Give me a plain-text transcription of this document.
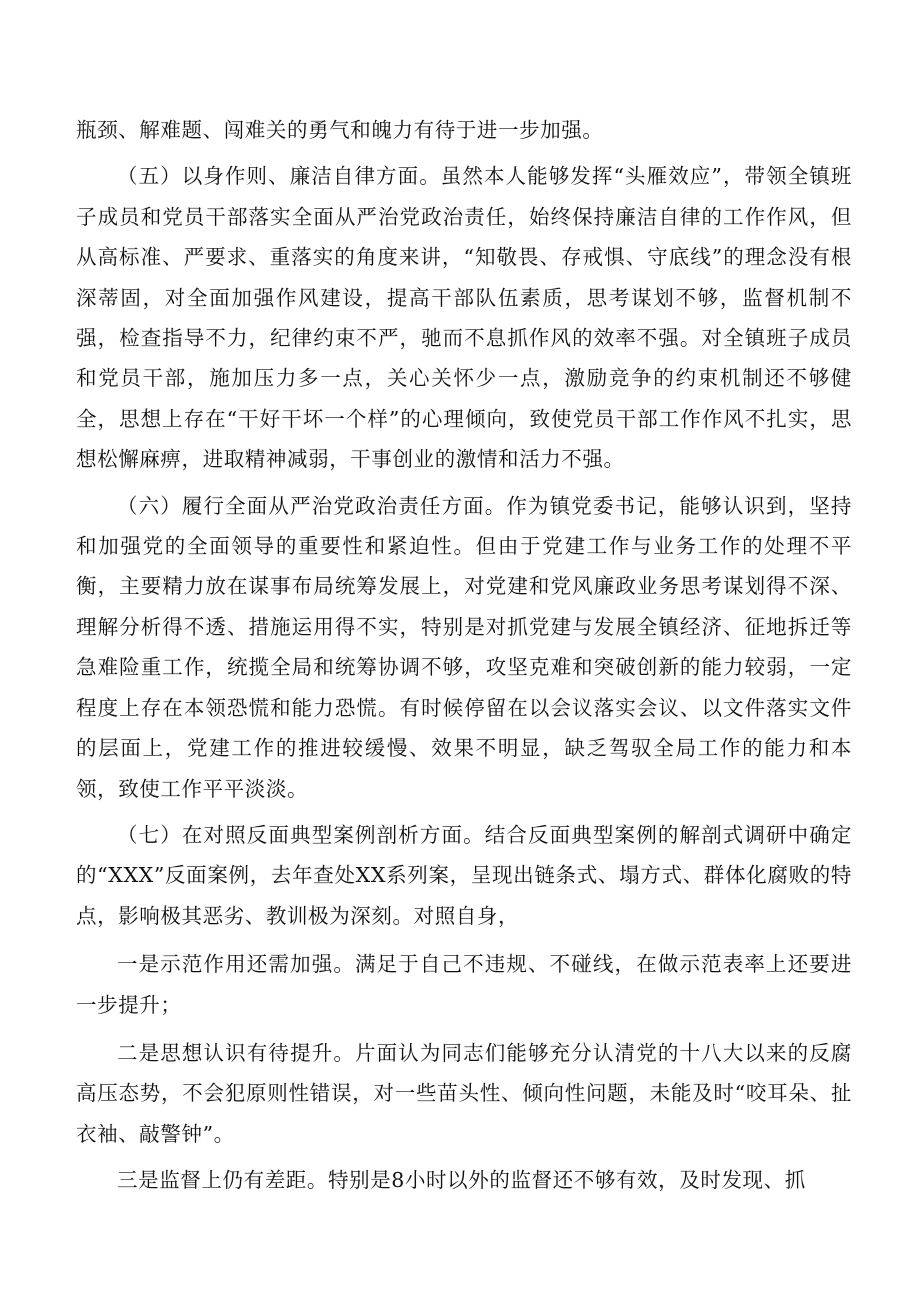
瓶颈、解难题、闯难关的勇气和魄力有待于进一步加强。

（五）以身作则、廉洁自律方面。虽然本人能够发挥“头雁效应”，带领全镇班子成员和党员干部落实全面从严治党政治责任，始终保持廉洁自律的工作作风，但从高标准、严要求、重落实的角度来讲，“知敬畏、存戒惧、守底线”的理念没有根深蒂固，对全面加强作风建设，提高干部队伍素质，思考谋划不够，监督机制不强，检查指导不力，纪律约束不严，驰而不息抓作风的效率不强。对全镇班子成员和党员干部，施加压力多一点，关心关怀少一点，激励竞争的约束机制还不够健全，思想上存在“干好干坏一个样”的心理倾向，致使党员干部工作作风不扎实，思想松懈麻痹，进取精神减弱，干事创业的激情和活力不强。

（六）履行全面从严治党政治责任方面。作为镇党委书记，能够认识到，坚持和加强党的全面领导的重要性和紧迫性。但由于党建工作与业务工作的处理不平衡，主要精力放在谋事布局统筹发展上，对党建和党风廉政业务思考谋划得不深、理解分析得不透、措施运用得不实，特别是对抓党建与发展全镇经济、征地拆迁等急难险重工作，统揽全局和统筹协调不够，攻坚克难和突破创新的能力较弱，一定程度上存在本领恐慌和能力恐慌。有时候停留在以会议落实会议、以文件落实文件的层面上，党建工作的推进较缓慢、效果不明显，缺乏驾驭全局工作的能力和本领，致使工作平平淡淡。

（七）在对照反面典型案例剖析方面。结合反面典型案例的解剖式调研中确定的“XXX”反面案例，去年查处XX系列案，呈现出链条式、塌方式、群体化腐败的特点，影响极其恶劣、教训极为深刻。对照自身，

一是示范作用还需加强。满足于自己不违规、不碰线，在做示范表率上还要进一步提升；

二是思想认识有待提升。片面认为同志们能够充分认清党的十八大以来的反腐高压态势，不会犯原则性错误，对一些苗头性、倾向性问题，未能及时“咬耳朵、扯衣袖、敲警钟”。

三是监督上仍有差距。特别是8小时以外的监督还不够有效，及时发现、抓
